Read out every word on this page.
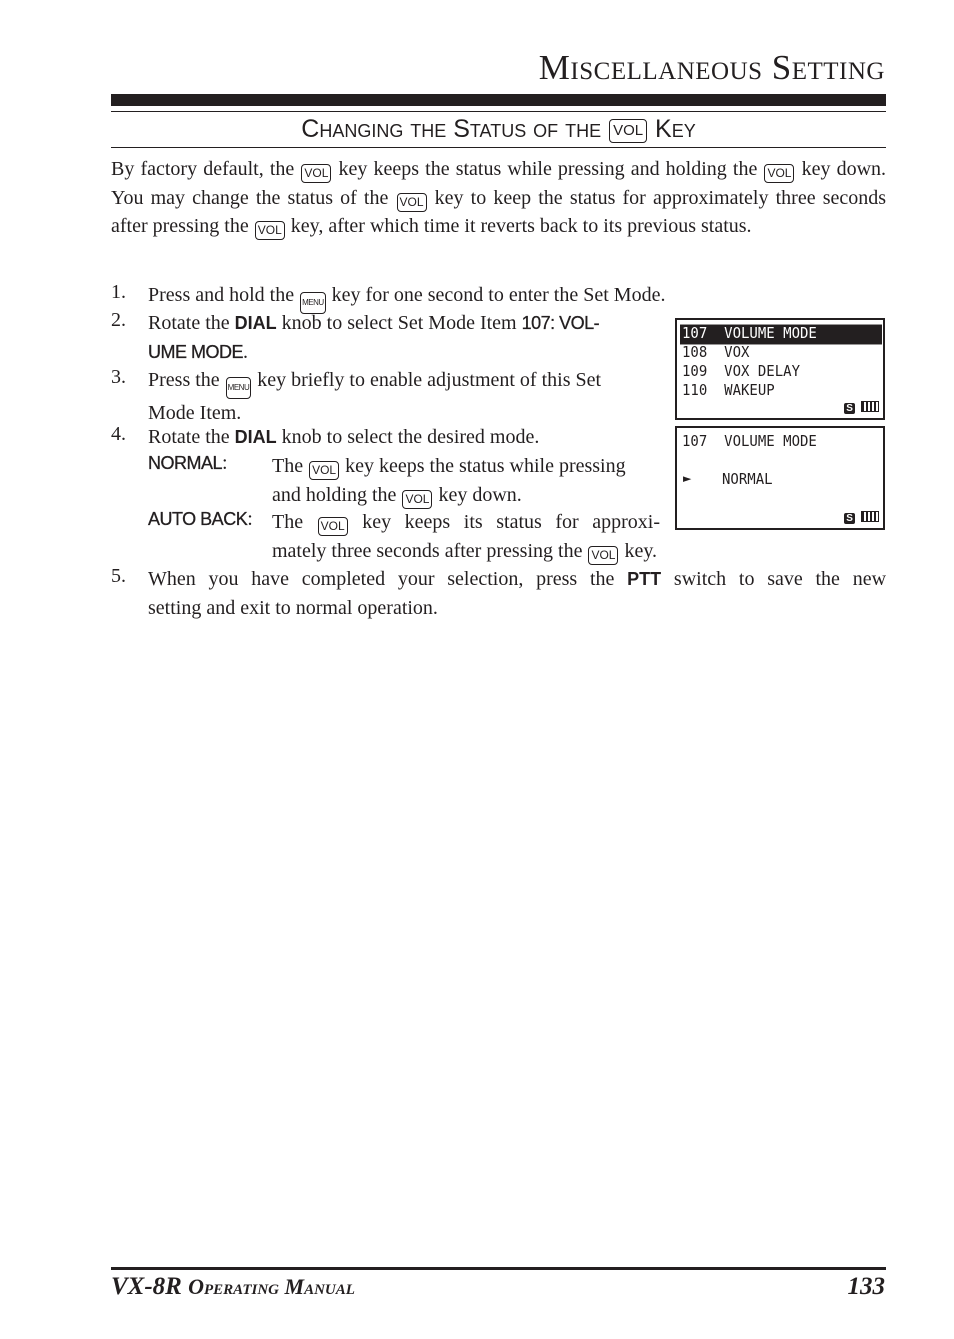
Miscellaneous Setting
Changing the Status of the VOL Key
By factory default, the VOL key keeps the status while pressing and holding the VOL key down. You may change the status of the VOL key to keep the status for approximately three seconds after pressing the VOL key, after which time it reverts back to its previous status.
1. Press and hold the MENU key for one second to enter the Set Mode.
2. Rotate the DIAL knob to select Set Mode Item 107: VOL-
UME MODE.
3. Press the MENU key briefly to enable adjustment of this Set
Mode Item.
4. Rotate the DIAL knob to select the desired mode.
NORMAL: The VOL key keeps the status while pressing
and holding the VOL key down.
AUTO BACK: The VOL key keeps its status for approxi-
mately three seconds after pressing the VOL key.
5. When you have completed your selection, press the PTT switch to save the new
setting and exit to normal operation.
107  VOLUME MODE
108  VOX
109  VOX DELAY
110  WAKEUP
S
107  VOLUME MODE
► NORMAL
S
VX-8R Operating Manual	133
